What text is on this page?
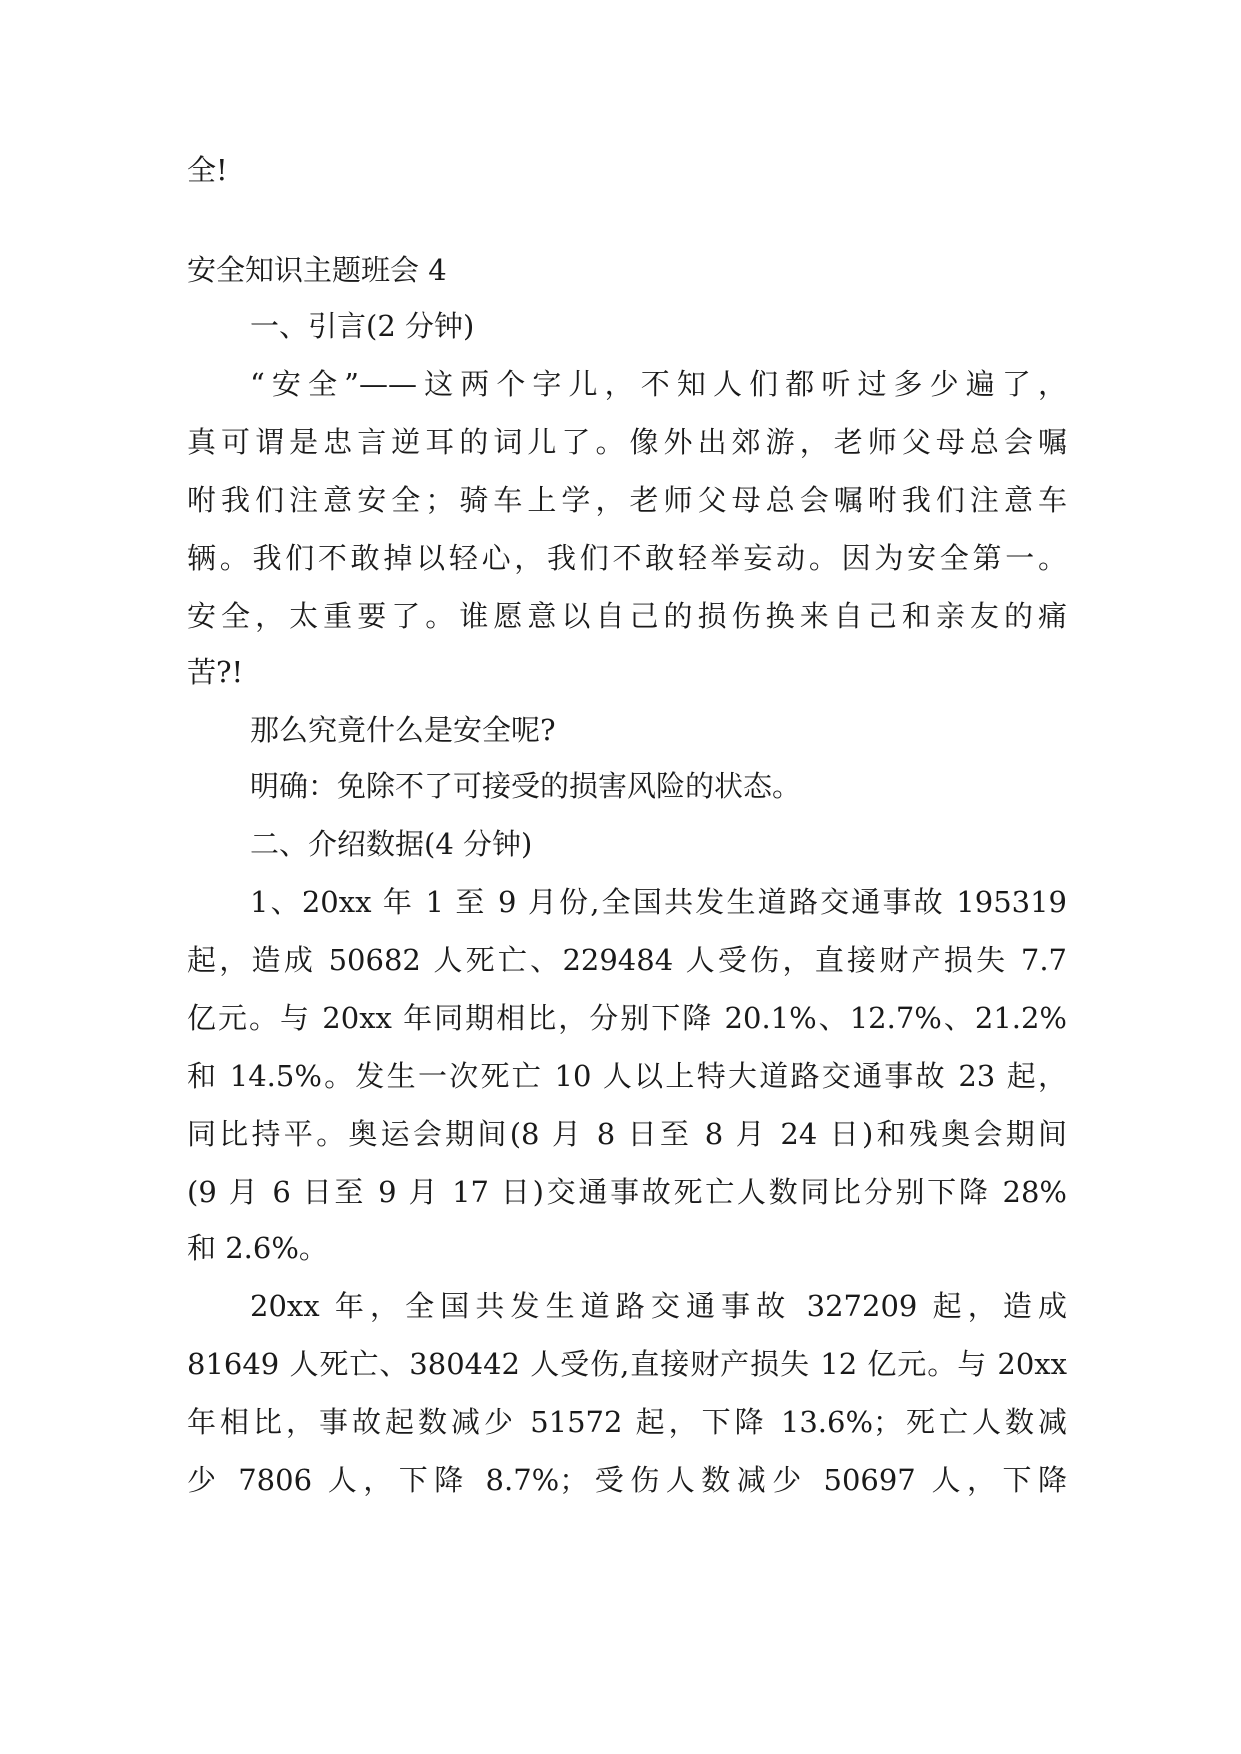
全!

安全知识主题班会 4

一、引言(2 分钟)

“安全”——这两个字儿，不知人们都听过多少遍了，

真可谓是忠言逆耳的词儿了。像外出郊游，老师父母总会嘱

咐我们注意安全；骑车上学，老师父母总会嘱咐我们注意车

辆。我们不敢掉以轻心，我们不敢轻举妄动。因为安全第一。

安全，太重要了。谁愿意以自己的损伤换来自己和亲友的痛

苦?!

那么究竟什么是安全呢?

明确：免除不了可接受的损害风险的状态。

二、介绍数据(4 分钟)

1、20xx 年 1 至 9 月份,全国共发生道路交通事故 195319

起，造成 50682 人死亡、229484 人受伤，直接财产损失 7.7

亿元。与 20xx 年同期相比，分别下降 20.1%、12.7%、21.2%

和 14.5%。发生一次死亡 10 人以上特大道路交通事故 23 起，

同比持平。奥运会期间(8 月 8 日至 8 月 24 日)和残奥会期间

(9 月 6 日至 9 月 17 日)交通事故死亡人数同比分别下降 28%

和 2.6%。

20xx 年，全国共发生道路交通事故 327209 起，造成

81649 人死亡、380442 人受伤,直接财产损失 12 亿元。与 20xx

年相比，事故起数减少 51572 起，下降 13.6%；死亡人数减

少 7806 人，下降 8.7%；受伤人数减少 50697 人，下降
